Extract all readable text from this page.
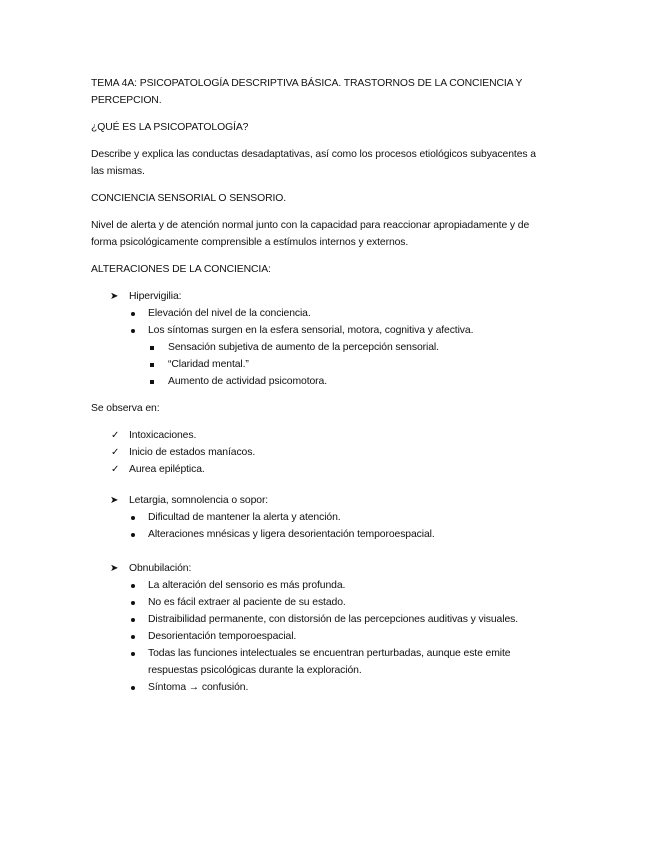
TEMA 4A: PSICOPATOLOGÍA DESCRIPTIVA BÁSICA. TRASTORNOS DE LA CONCIENCIA Y
PERCEPCION.
¿QUÉ ES LA PSICOPATOLOGÍA?
Describe y explica las conductas desadaptativas, así como los procesos etiológicos subyacentes a
las mismas.
CONCIENCIA SENSORIAL O SENSORIO.
Nivel de alerta y de atención normal junto con la capacidad para reaccionar apropiadamente y de
forma psicológicamente comprensible a estímulos internos y externos.
ALTERACIONES DE LA CONCIENCIA:
➤ Hipervigilia:
Elevación del nivel de la conciencia.
Los síntomas surgen en la esfera sensorial, motora, cognitiva y afectiva.
Sensación subjetiva de aumento de la percepción sensorial.
“Claridad mental.”
Aumento de actividad psicomotora.
Se observa en:
✓ Intoxicaciones.
✓ Inicio de estados maníacos.
✓ Aurea epiléptica.
➤ Letargia, somnolencia o sopor:
Dificultad de mantener la alerta y atención.
Alteraciones mnésicas y ligera desorientación temporoespacial.
➤ Obnubilación:
La alteración del sensorio es más profunda.
No es fácil extraer al paciente de su estado.
Distraibilidad permanente, con distorsión de las percepciones auditivas y visuales.
Desorientación temporoespacial.
Todas las funciones intelectuales se encuentran perturbadas, aunque este emite
respuestas psicológicas durante la exploración.
Síntoma → confusión.
